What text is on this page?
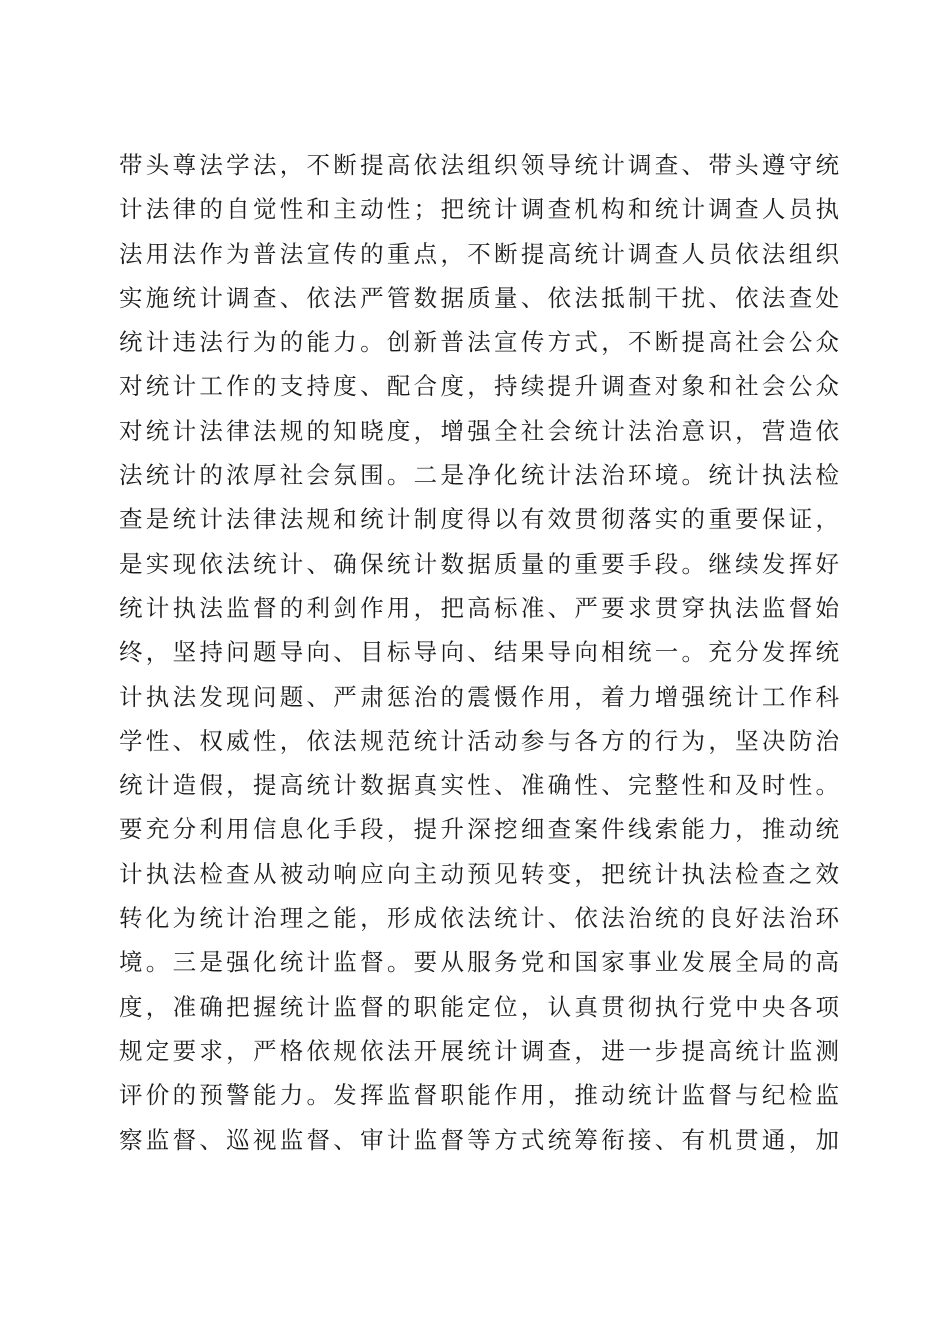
带头尊法学法，不断提高依法组织领导统计调查、带头遵守统
计法律的自觉性和主动性；把统计调查机构和统计调查人员执
法用法作为普法宣传的重点，不断提高统计调查人员依法组织
实施统计调查、依法严管数据质量、依法抵制干扰、依法查处
统计违法行为的能力。创新普法宣传方式，不断提高社会公众
对统计工作的支持度、配合度，持续提升调查对象和社会公众
对统计法律法规的知晓度，增强全社会统计法治意识，营造依
法统计的浓厚社会氛围。二是净化统计法治环境。统计执法检
查是统计法律法规和统计制度得以有效贯彻落实的重要保证，
是实现依法统计、确保统计数据质量的重要手段。继续发挥好
统计执法监督的利剑作用，把高标准、严要求贯穿执法监督始
终，坚持问题导向、目标导向、结果导向相统一。充分发挥统
计执法发现问题、严肃惩治的震慑作用，着力增强统计工作科
学性、权威性，依法规范统计活动参与各方的行为，坚决防治
统计造假，提高统计数据真实性、准确性、完整性和及时性。
要充分利用信息化手段，提升深挖细查案件线索能力，推动统
计执法检查从被动响应向主动预见转变，把统计执法检查之效
转化为统计治理之能，形成依法统计、依法治统的良好法治环
境。三是强化统计监督。要从服务党和国家事业发展全局的高
度，准确把握统计监督的职能定位，认真贯彻执行党中央各项
规定要求，严格依规依法开展统计调查，进一步提高统计监测
评价的预警能力。发挥监督职能作用，推动统计监督与纪检监
察监督、巡视监督、审计监督等方式统筹衔接、有机贯通，加
